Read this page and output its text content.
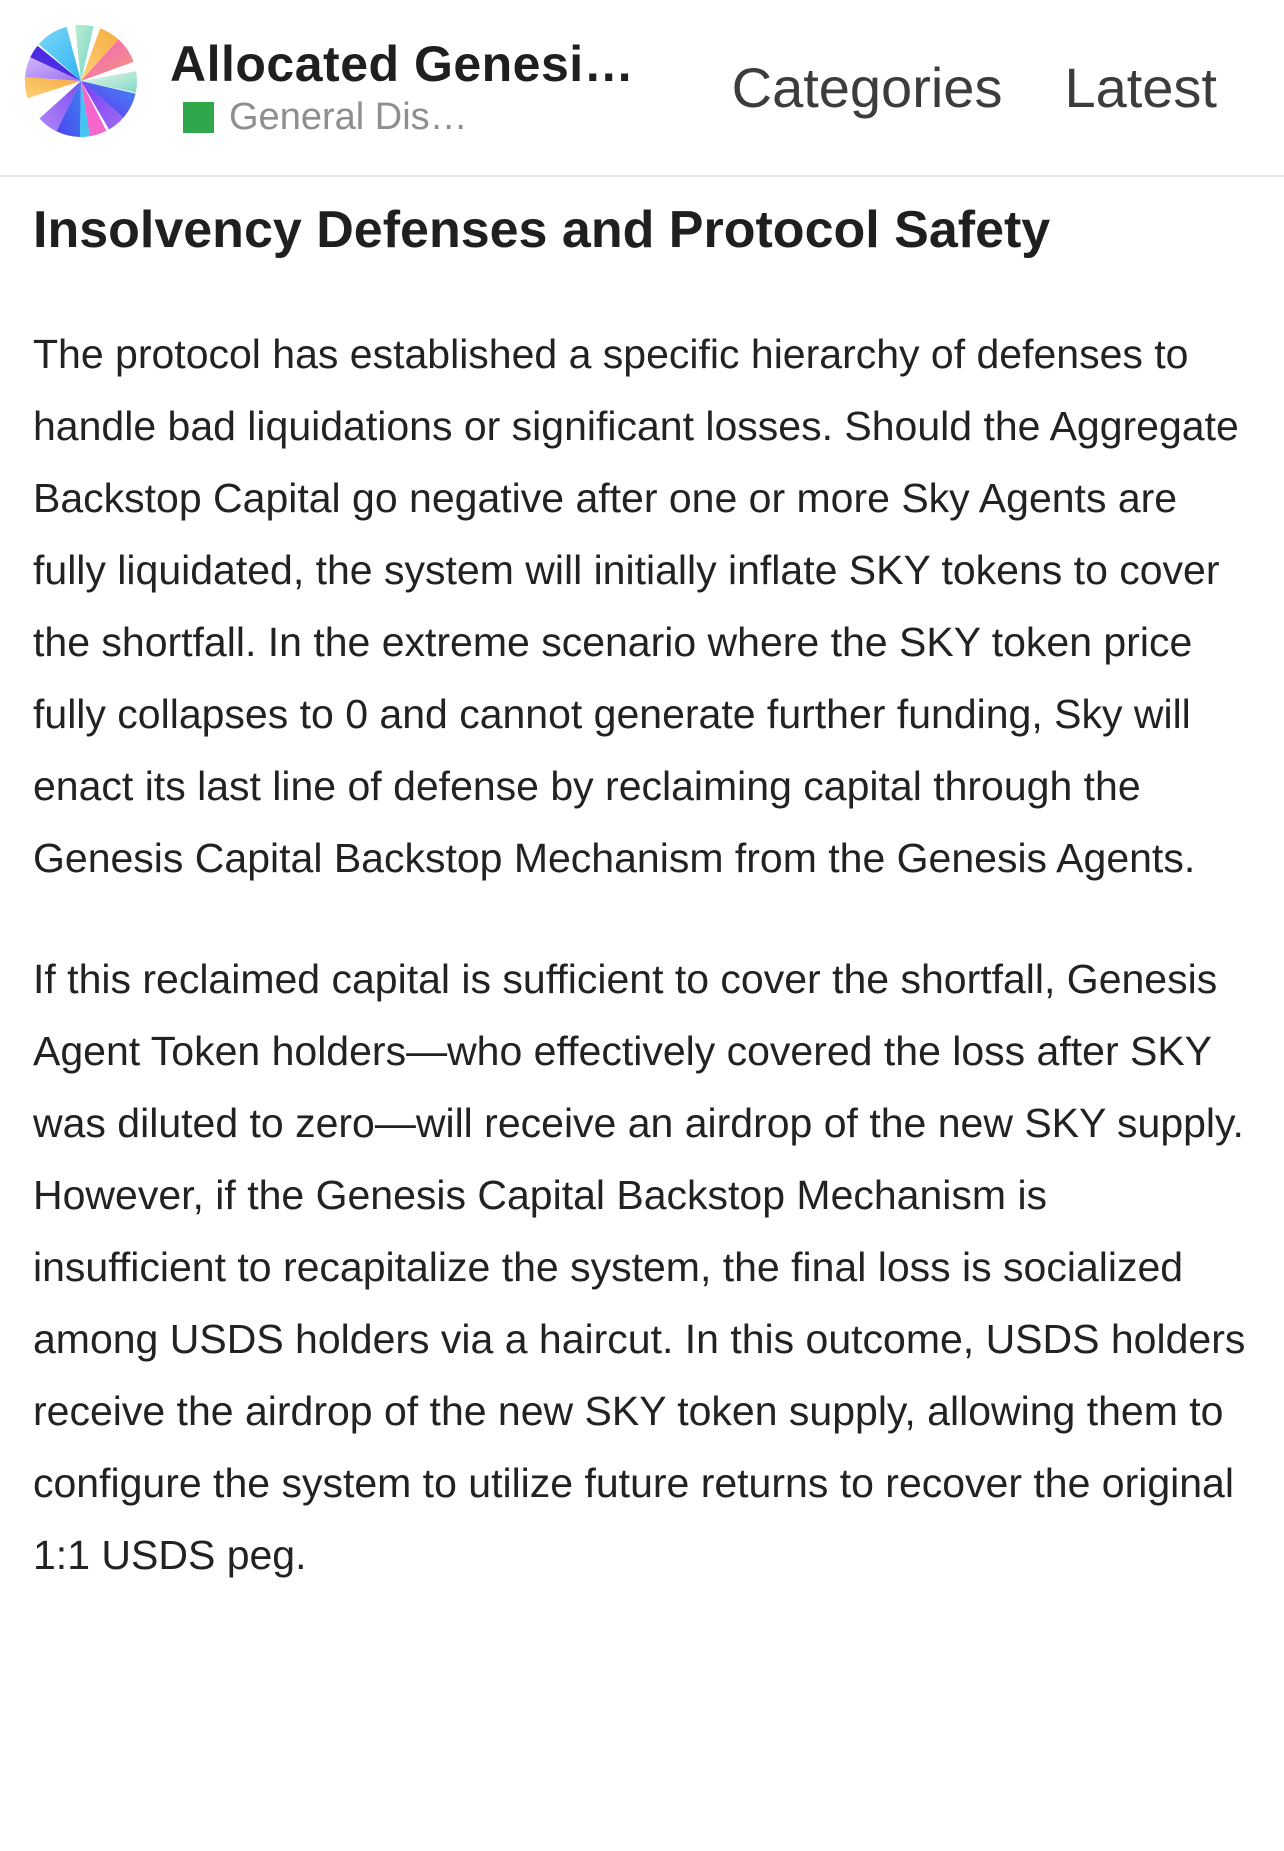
Allocated Genesi…
General Dis…	Categories Latest
Insolvency Defenses and Protocol Safety

The protocol has established a specific hierarchy of defenses to handle bad liquidations or significant losses. Should the Aggregate Backstop Capital go negative after one or more Sky Agents are fully liquidated, the system will initially inflate SKY tokens to cover the shortfall. In the extreme scenario where the SKY token price fully collapses to 0 and cannot generate further funding, Sky will enact its last line of defense by reclaiming capital through the Genesis Capital Backstop Mechanism from the Genesis Agents.

If this reclaimed capital is sufficient to cover the shortfall, Genesis Agent Token holders—who effectively covered the loss after SKY was diluted to zero—will receive an airdrop of the new SKY supply. However, if the Genesis Capital Backstop Mechanism is insufficient to recapitalize the system, the final loss is socialized among USDS holders via a haircut. In this outcome, USDS holders receive the airdrop of the new SKY token supply, allowing them to configure the system to utilize future returns to recover the original 1:1 USDS peg.
